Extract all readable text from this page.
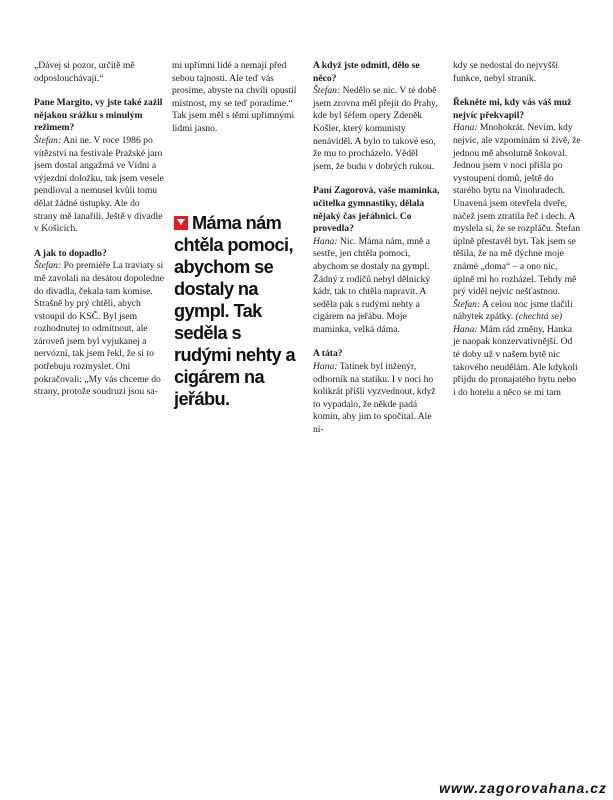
„Dávej si pozor, určitě mě odposlouchávají.“

Pane Margito, vy jste také zažil nějakou srážku s minulým režimem?

Štefan: Ani ne. V roce 1986 po vítězství na festivale Pražské jaro jsem dostal angažmá ve Vídni a výjezdní doložku, tak jsem vesele pendloval a nemusel kvůli tomu dělat žádné ústupky. Ale do strany mě lanařili. Ještě v divadle v Košicích.

A jak to dopadlo?

Štefan: Po premiéře La traviaty si mě zavolali na desátou dopoledne do divadla, čekala tam komise. Strašně by prý chtěli, abych vstoupil do KSČ. Byl jsem rozhodnutej to odmítnout, ale zároveň jsem byl vyjukanej a nervózní, tak jsem řekl, že si to potřebuju rozmyslet. Oni pokračovali: „My vás chceme do strany, protože soudruzi jsou sa-

mi upřímní lidé a nemají před sebou tajnosti. Ale teď vás prosíme, abyste na chvíli opustil místnost, my se teď poradíme.“ Tak jsem měl s těmi upřímnými lidmi jasno.

A když jste odmítl, dělo se něco?

Štefan: Nedělo se nic. V té době jsem zrovna měl přejít do Prahy, kde byl šéfem opery Zdeněk Košler, který komunisty nenáviděl. A bylo to takové eso, že mu to procházelo. Věděl jsem, že budu v dobrých rukou.

Paní Zagorová, vaše maminka, učitelka gymnastiky, dělala nějaký čas jeřábnici. Co provedla?

Hana: Nic. Máma nám, mně a sestře, jen chtěla pomoci, abychom se dostaly na gympl. Žádný z rodičů nebyl dělnický kádr, tak to chtěla napravit. A seděla pak s rudými nehty a cigárem na jeřábu. Moje maminka, velká dáma.

A táta?

Hana: Tatínek byl inženýr, odborník na statiku. I v noci ho kolikrát přišli vyzvednout, když to vypadalo, že někde padá komín, aby jim to spočítal. Ale ni-

kdy se nedostal do nejvyšší funkce, nebyl straník.

Řekněte mi, kdy vás váš muž nejvíc překvapil?

Hana: Mnohokrát. Nevím, kdy nejvíc, ale vzpomínám si živě, že jednou mě absolutně šokoval. Jednou jsem v noci přišla po vystoupení domů, ještě do starého bytu na Vinohradech. Unavená jsem otevřela dveře, načež jsem ztratila řeč i dech. A myslela si, že se rozpláču. Štefan úplně přestavěl byt. Tak jsem se těšila, že na mě dýchne moje známé „doma“ – a ono nic, úplně mi ho rozházel. Tehdy mě prý viděl nejvíc nešťastnou.

Štefan: A celou noc jsme tlačili nábytek zpátky. (chechtá se)

Hana: Mám rád změny, Hanka je naopak konzervativnější. Od té doby už v našem bytě nic takového neudělám. Ale kdykoli přijdu do pronajatého bytu nebo i do hotelu a něco se mi tam

Máma nám chtěla pomoci, abychom se dostaly na gympl. Tak seděla s rudými nehty a cigárem na jeřábu.
www.zagorovahana.cz
